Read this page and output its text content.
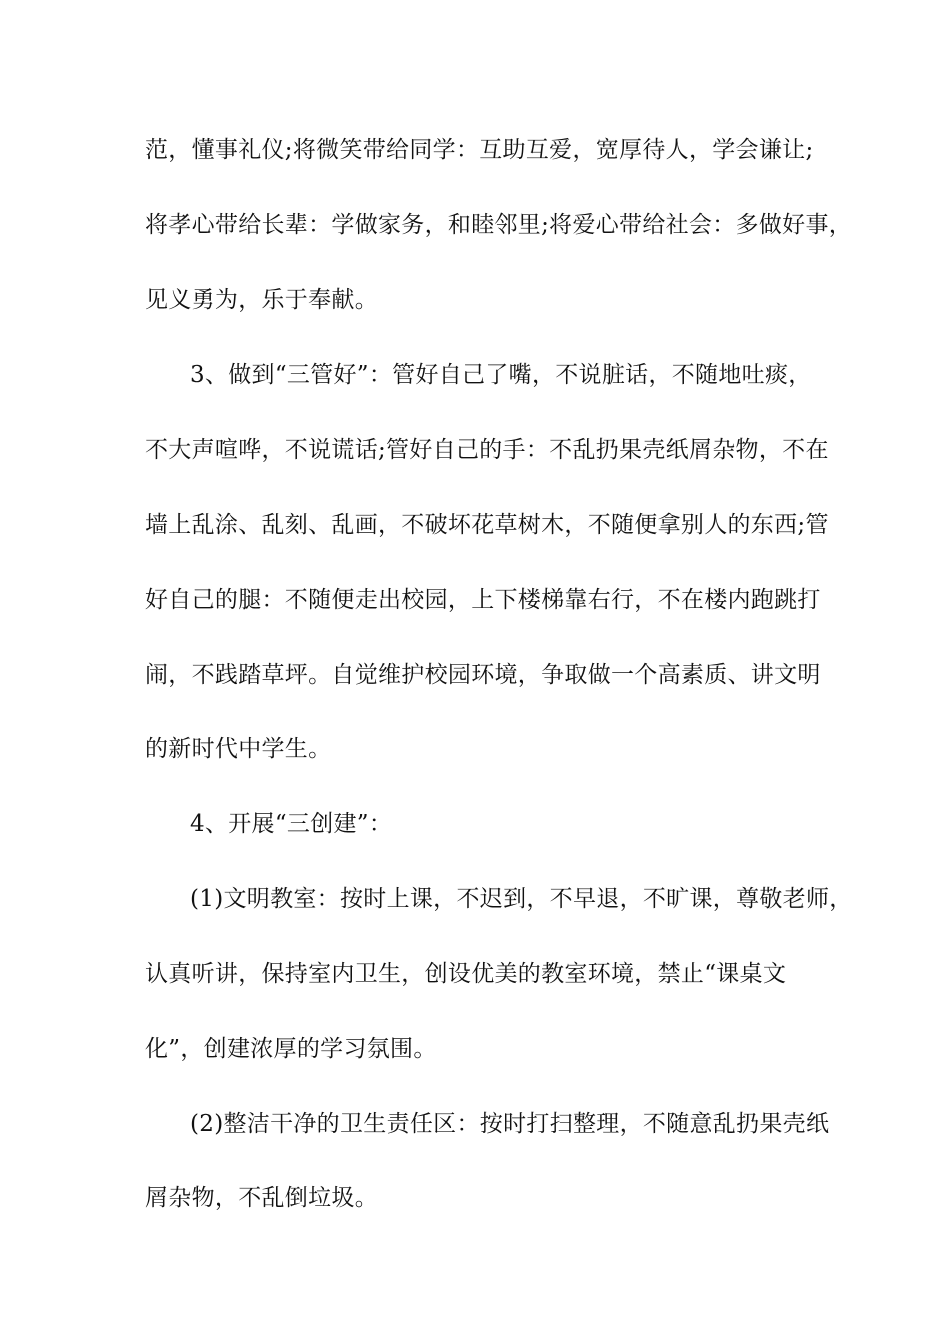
范，懂事礼仪;将微笑带给同学：互助互爱，宽厚待人，学会谦让;
将孝心带给长辈：学做家务，和睦邻里;将爱心带给社会：多做好事，
见义勇为，乐于奉献。
3、做到“三管好”：管好自己了嘴，不说脏话，不随地吐痰，
不大声喧哗，不说谎话;管好自己的手：不乱扔果壳纸屑杂物，不在
墙上乱涂、乱刻、乱画，不破坏花草树木，不随便拿别人的东西;管
好自己的腿：不随便走出校园，上下楼梯靠右行，不在楼内跑跳打
闹，不践踏草坪。自觉维护校园环境，争取做一个高素质、讲文明
的新时代中学生。
4、开展“三创建”：
(1)文明教室：按时上课，不迟到，不早退，不旷课，尊敬老师，
认真听讲，保持室内卫生，创设优美的教室环境，禁止“课桌文
化”，创建浓厚的学习氛围。
(2)整洁干净的卫生责任区：按时打扫整理，不随意乱扔果壳纸
屑杂物，不乱倒垃圾。
